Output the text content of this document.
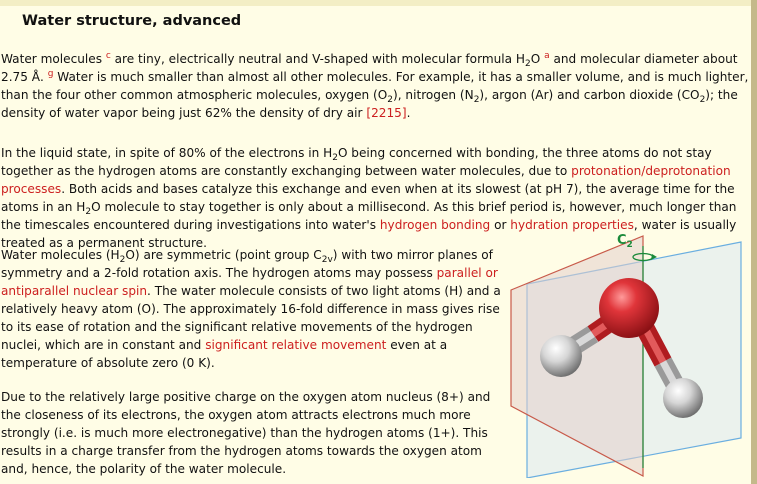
Water structure, advanced

Water molecules $^c$ are tiny, electrically neutral and V-shaped with molecular formula $H_2O$ $^a$ and molecular diameter about 2.75 Å. $^g$ Water is much smaller than almost all other molecules. For example, it has a smaller volume, and is much lighter, than the four other common atmospheric molecules, oxygen $(O_2)$, nitrogen $(N_2)$, argon (Ar) and carbon dioxide $(CO_2)$; the density of water vapor being just 62% the density of dry air [2215].

In the liquid state, in spite of 80% of the electrons in $H_2O$ being concerned with bonding, the three atoms do not stay together as the hydrogen atoms are constantly exchanging between water molecules, due to protonation/deprotonation processes. Both acids and bases catalyze this exchange and even when at its slowest (at pH 7), the average time for the atoms in an $H_2O$ molecule to stay together is only about a millisecond. As this brief period is, however, much longer than the timescales encountered during investigations into water's hydrogen bonding or hydration properties, water is usually treated as a permanent structure.

Water molecules $(H_2O)$ are symmetric (point group $C_{2v}$) with two mirror planes of symmetry and a 2-fold rotation axis. The hydrogen atoms may possess parallel or antiparallel nuclear spin. The water molecule consists of two light atoms (H) and a relatively heavy atom (O). The approximately 16-fold difference in mass gives rise to its ease of rotation and the significant relative movements of the hydrogen nuclei, which are in constant and significant relative movement even at a temperature of absolute zero (0 K).

Due to the relatively large positive charge on the oxygen atom nucleus (8+) and the closeness of its electrons, the oxygen atom attracts electrons much more strongly (i.e. is much more electronegative) than the hydrogen atoms (1+). This results in a charge transfer from the hydrogen atoms towards the oxygen atom and, hence, the polarity of the water molecule.

$C_2$
